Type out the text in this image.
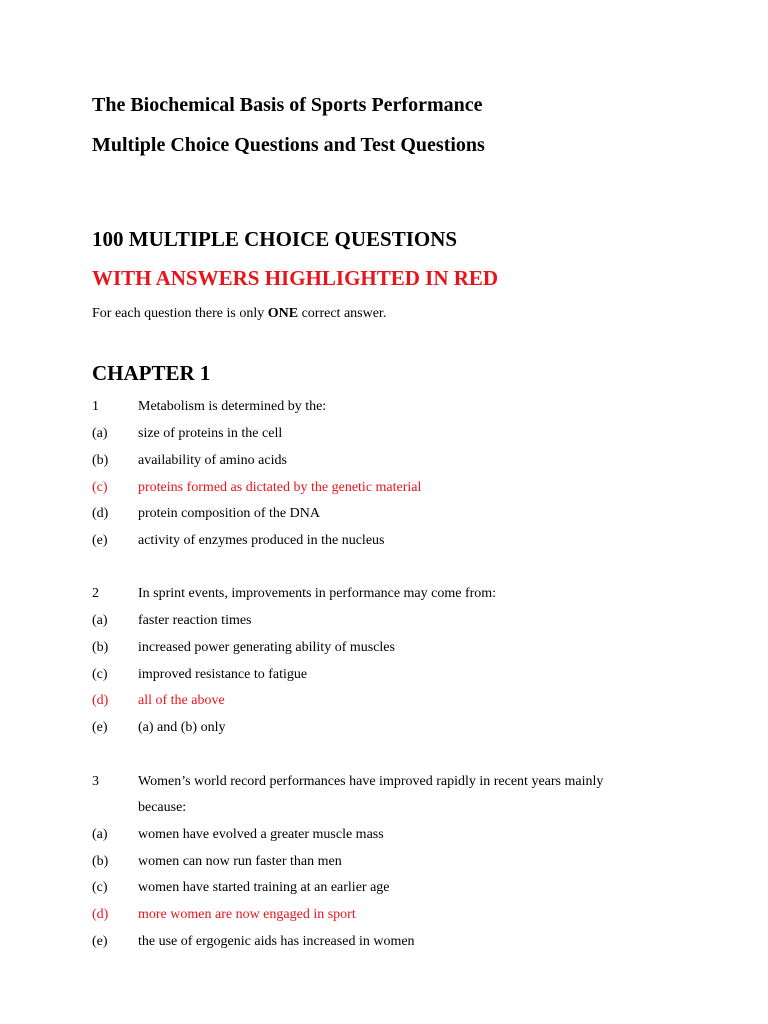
The Biochemical Basis of Sports Performance
Multiple Choice Questions and Test Questions
100 MULTIPLE CHOICE QUESTIONS
WITH ANSWERS HIGHLIGHTED IN RED
For each question there is only ONE correct answer.
CHAPTER 1
1	Metabolism is determined by the:
(a) size of proteins in the cell
(b) availability of amino acids
(c) proteins formed as dictated by the genetic material
(d) protein composition of the DNA
(e) activity of enzymes produced in the nucleus
2	In sprint events, improvements in performance may come from:
(a) faster reaction times
(b) increased power generating ability of muscles
(c) improved resistance to fatigue
(d) all of the above
(e) (a) and (b) only
3	Women’s world record performances have improved rapidly in recent years mainly
because:
(a) women have evolved a greater muscle mass
(b) women can now run faster than men
(c) women have started training at an earlier age
(d) more women are now engaged in sport
(e) the use of ergogenic aids has increased in women
